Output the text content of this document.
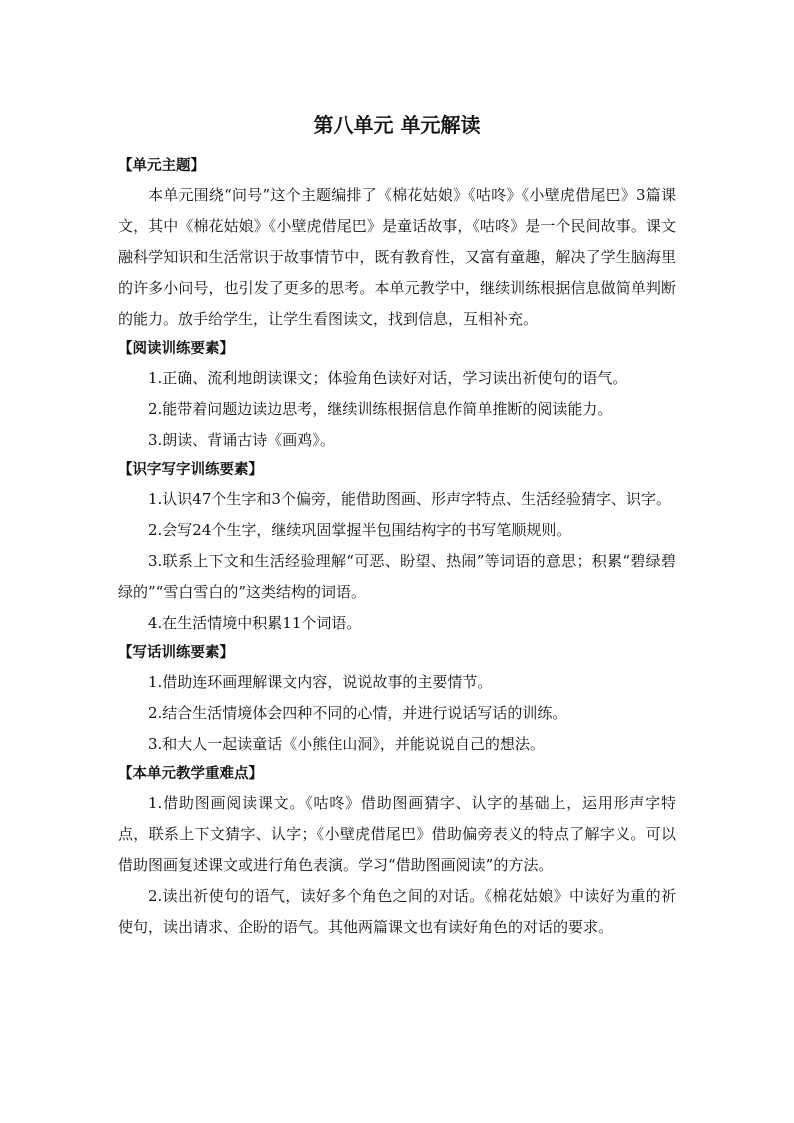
第八单元 单元解读

【单元主题】

本单元围绕“问号”这个主题编排了《棉花姑娘》《咕咚》《小壁虎借尾巴》3篇课文，其中《棉花姑娘》《小壁虎借尾巴》是童话故事，《咕咚》是一个民间故事。课文融科学知识和生活常识于故事情节中，既有教育性，又富有童趣，解决了学生脑海里的许多小问号，也引发了更多的思考。本单元教学中，继续训练根据信息做简单判断的能力。放手给学生，让学生看图读文，找到信息，互相补充。

【阅读训练要素】

1.正确、流利地朗读课文；体验角色读好对话，学习读出祈使句的语气。

2.能带着问题边读边思考，继续训练根据信息作简单推断的阅读能力。

3.朗读、背诵古诗《画鸡》。

【识字写字训练要素】

1.认识47个生字和3个偏旁，能借助图画、形声字特点、生活经验猜字、识字。

2.会写24个生字，继续巩固掌握半包围结构字的书写笔顺规则。

3.联系上下文和生活经验理解“可恶、盼望、热闹”等词语的意思；积累“碧绿碧绿的”“雪白雪白的”这类结构的词语。

4.在生活情境中积累11个词语。

【写话训练要素】

1.借助连环画理解课文内容，说说故事的主要情节。

2.结合生活情境体会四种不同的心情，并进行说话写话的训练。

3.和大人一起读童话《小熊住山洞》，并能说说自己的想法。

【本单元教学重难点】

1.借助图画阅读课文。《咕咚》借助图画猜字、认字的基础上，运用形声字特点，联系上下文猜字、认字；《小壁虎借尾巴》借助偏旁表义的特点了解字义。可以借助图画复述课文或进行角色表演。学习“借助图画阅读”的方法。

2.读出祈使句的语气，读好多个角色之间的对话。《棉花姑娘》中读好为重的祈使句，读出请求、企盼的语气。其他两篇课文也有读好角色的对话的要求。
